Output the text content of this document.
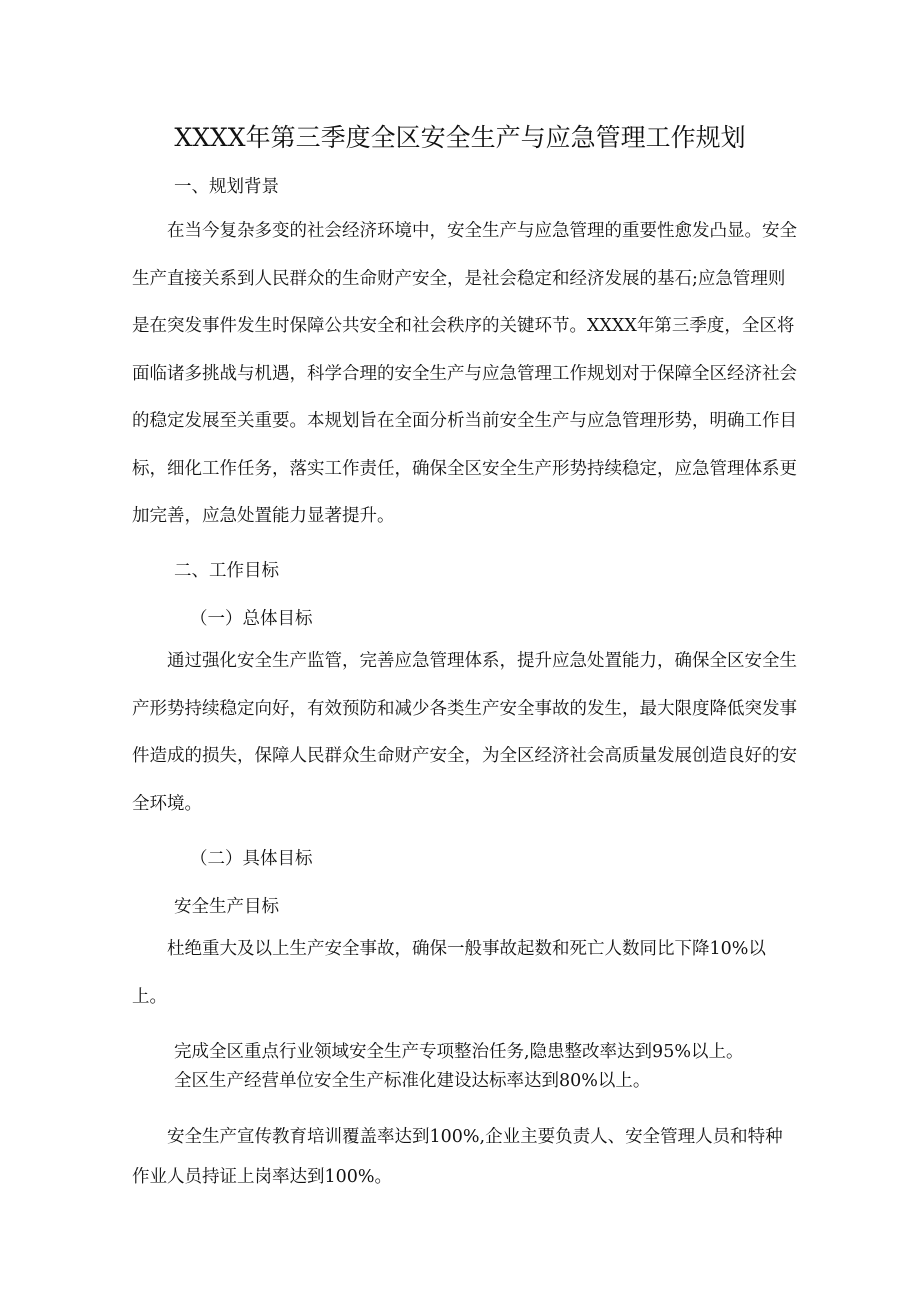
XXXX年第三季度全区安全生产与应急管理工作规划
一、规划背景

在当今复杂多变的社会经济环境中，安全生产与应急管理的重要性愈发凸显。安全生产直接关系到人民群众的生命财产安全，是社会稳定和经济发展的基石;应急管理则是在突发事件发生时保障公共安全和社会秩序的关键环节。XXXX年第三季度，全区将面临诸多挑战与机遇，科学合理的安全生产与应急管理工作规划对于保障全区经济社会的稳定发展至关重要。本规划旨在全面分析当前安全生产与应急管理形势，明确工作目标，细化工作任务，落实工作责任，确保全区安全生产形势持续稳定，应急管理体系更加完善，应急处置能力显著提升。

二、工作目标
（一）总体目标

通过强化安全生产监管，完善应急管理体系，提升应急处置能力，确保全区安全生产形势持续稳定向好，有效预防和减少各类生产安全事故的发生，最大限度降低突发事件造成的损失，保障人民群众生命财产安全，为全区经济社会高质量发展创造良好的安全环境。

（二）具体目标
安全生产目标

杜绝重大及以上生产安全事故，确保一般事故起数和死亡人数同比下降10%以上。

完成全区重点行业领域安全生产专项整治任务,隐患整改率达到95%以上。
全区生产经营单位安全生产标准化建设达标率达到80%以上。

安全生产宣传教育培训覆盖率达到100%,企业主要负责人、安全管理人员和特种作业人员持证上岗率达到100%。
